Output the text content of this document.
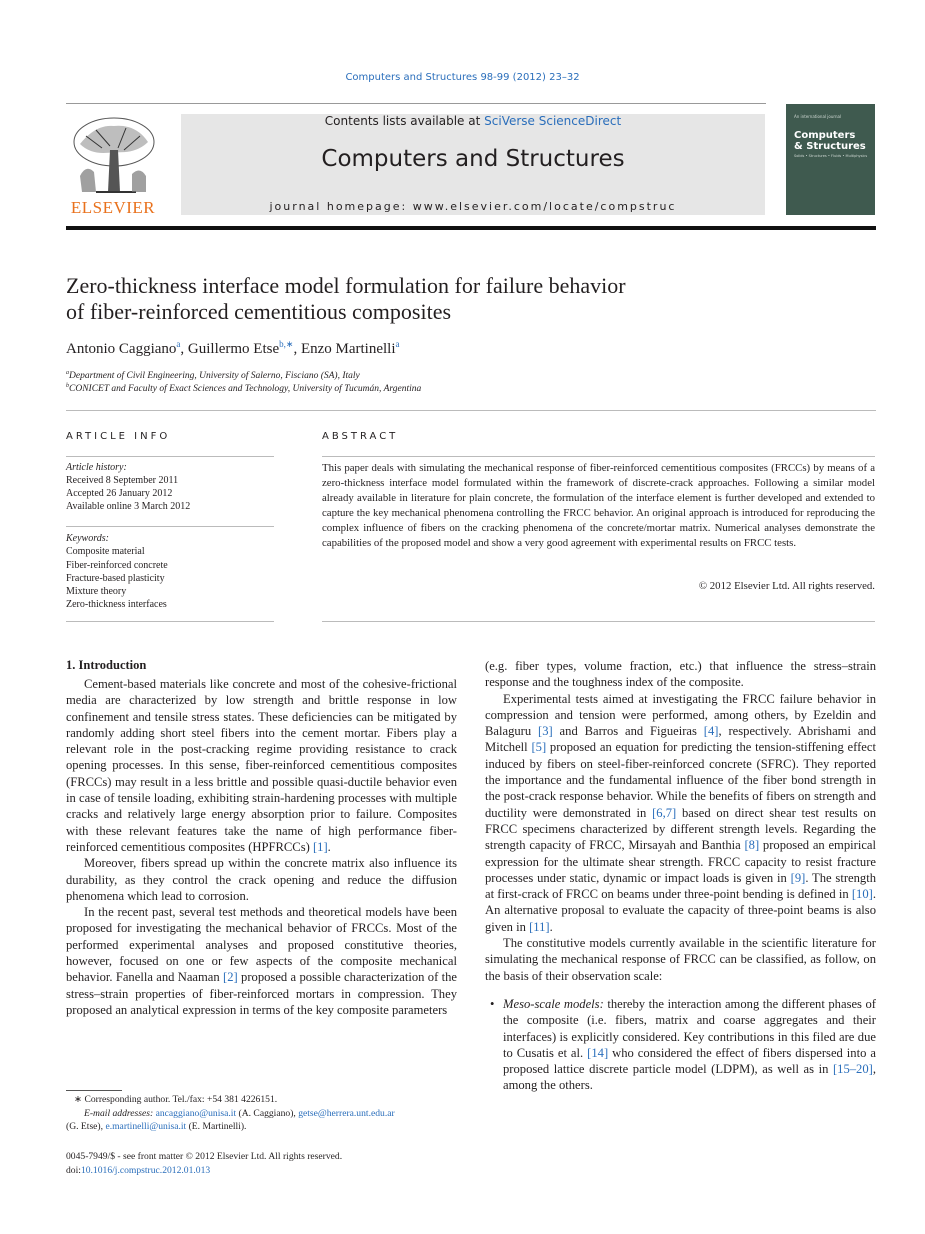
Computers and Structures 98-99 (2012) 23–32
ELSEVIER
Contents lists available at SciVerse ScienceDirect
Computers and Structures
journal homepage: www.elsevier.com/locate/compstruc
An international journal
Computers
& Structures
Solids • Structures • Fluids • Multiphysics
Zero-thickness interface model formulation for failure behavior
of fiber-reinforced cementitious composites
Antonio Caggiano$^a$, Guillermo Etse$^{b,∗}$, Enzo Martinelli$^a$
$^a$Department of Civil Engineering, University of Salerno, Fisciano (SA), Italy
$^b$CONICET and Faculty of Exact Sciences and Technology, University of Tucumán, Argentina
ARTICLE INFO
Article history:
Received 8 September 2011
Accepted 26 January 2012
Available online 3 March 2012
Keywords:
Composite material
Fiber-reinforced concrete
Fracture-based plasticity
Mixture theory
Zero-thickness interfaces
ABSTRACT
This paper deals with simulating the mechanical response of fiber-reinforced cementitious composites (FRCCs) by means of a zero-thickness interface model formulated within the framework of discrete-crack approaches. Following a similar model already available in literature for plain concrete, the formulation of the interface element is further developed and extended to capture the key mechanical phenomena controlling the FRCC behavior. An original approach is introduced for reproducing the complex influence of fibers on the cracking phenomena of the concrete/mortar matrix. Numerical analyses demonstrate the capabilities of the proposed model and show a very good agreement with experimental results on FRCC tests.
© 2012 Elsevier Ltd. All rights reserved.
1. Introduction

Cement-based materials like concrete and most of the cohesive-frictional media are characterized by low strength and brittle response in low confinement and tensile stress states. These deficiencies can be mitigated by randomly adding short steel fibers into the cement mortar. Fibers play a relevant role in the post-cracking regime providing resistance to crack opening processes. In this sense, fiber-reinforced cementitious composites (FRCCs) may result in a less brittle and possible quasi-ductile behavior even in case of tensile loading, exhibiting strain-hardening processes with multiple cracks and relatively large energy absorption prior to failure. Composites with these relevant features take the name of high performance fiber-reinforced cementitious composites (HPFRCCs) [1].

Moreover, fibers spread up within the concrete matrix also influence its durability, as they control the crack opening and reduce the diffusion phenomena which lead to corrosion.

In the recent past, several test methods and theoretical models have been proposed for investigating the mechanical behavior of FRCCs. Most of the performed experimental analyses and proposed constitutive theories, however, focused on one or few aspects of the composite mechanical behavior. Fanella and Naaman [2] proposed a possible characterization of the stress–strain properties of fiber-reinforced mortars in compression. They proposed an analytical expression in terms of the key composite parameters

(e.g. fiber types, volume fraction, etc.) that influence the stress–strain response and the toughness index of the composite.

Experimental tests aimed at investigating the FRCC failure behavior in compression and tension were performed, among others, by Ezeldin and Balaguru [3] and Barros and Figueiras [4], respectively. Abrishami and Mitchell [5] proposed an equation for predicting the tension-stiffening effect induced by fibers on steel-fiber-reinforced concrete (SFRC). They reported the importance and the fundamental influence of the fiber bond strength in the post-crack response behavior. While the benefits of fibers on strength and ductility were demonstrated in [6,7] based on direct shear test results on FRCC specimens characterized by different strength levels. Regarding the strength capacity of FRCC, Mirsayah and Banthia [8] proposed an empirical expression for the ultimate shear strength. FRCC capacity to resist fracture processes under static, dynamic or impact loads is given in [9]. The strength at first-crack of FRCC on beams under three-point bending is defined in [10]. An alternative proposal to evaluate the capacity of three-point beams is also given in [11].

The constitutive models currently available in the scientific literature for simulating the mechanical response of FRCC can be classified, as follow, on the basis of their observation scale:

• Meso-scale models: thereby the interaction among the different phases of the composite (i.e. fibers, matrix and coarse aggregates and their interfaces) is explicitly considered. Key contributions in this filed are due to Cusatis et al. [14] who considered the effect of fibers dispersed into a proposed lattice discrete particle model (LDPM), as well as in [15–20], among the others.
∗ Corresponding author. Tel./fax: +54 381 4226151.
E-mail addresses: ancaggiano@unisa.it (A. Caggiano), getse@herrera.unt.edu.ar
(G. Etse), e.martinelli@unisa.it (E. Martinelli).
0045-7949/$ - see front matter © 2012 Elsevier Ltd. All rights reserved.
doi:10.1016/j.compstruc.2012.01.013
